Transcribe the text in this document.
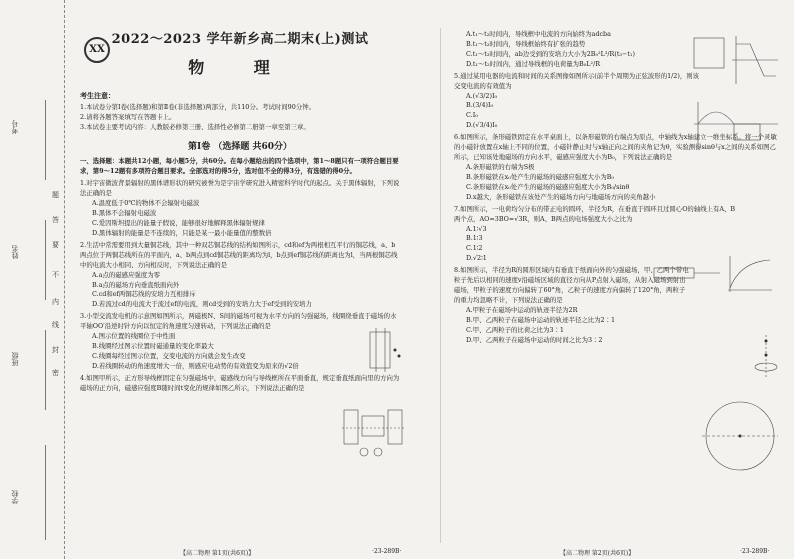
考号
姓名
班级
学校
题
答
要
不
内
线
封
密
XX
2022～2023 学年新乡高二期末(上)测试
物 理
考生注意：

1.本试卷分第Ⅰ卷(选择题)和第Ⅱ卷(非选择题)两部分，共110分。考试时间90分钟。

2.请将各题答案填写在答题卡上。

3.本试卷主要考试内容：人教版必修第三册、选择性必修第二册第一章至第三章。

第Ⅰ卷 （选择题 共60分）

一、选择题：本题共12小题，每小题5分，共60分。在每小题给出的四个选项中，第1～8题只有一项符合题目要求，第9～12题有多项符合题目要求。全部选对的得5分，选对但不全的得3分，有选错的得0分。

1.对宇宙微波背景辐射的黑体谱形状的研究被誉为是宇宙学研究进入精密科学时代的起点。关于黑体辐射，下列说法正确的是

A.温度低于0℃的物体不会辐射电磁波

B.黑体不会辐射电磁波

C.爱因斯坦提出的能量子假说，能够很好地解释黑体辐射规律

D.黑体辐射的能量是不连续的，只能是某一最小能量值的整数倍

2.生活中常需要用到大量铜芯线，其中一种双芯铜芯线的结构如图所示，cd和ef为两根相互平行的铜芯线，a、b两点位于两铜芯线所在的平面内，a、b两点到cd铜芯线的距离均为l，b点到ef铜芯线的距离也为l，当两根铜芯线中的电流大小相同、方向相反时，下列说法正确的是

A.a点的磁感应强度为零

B.a点的磁场方向垂直纸面向外

C.cd和ef两铜芯线的安培力互相排斥

D.若流过cd的电流大于流过ef的电流，则cd受到的安培力大于ef受到的安培力

3.小型交流发电机的示意图如图所示，两磁极N、S间的磁场可视为水平方向的匀强磁场，线圈绕垂直于磁场的水平轴OO′沿逆时针方向以恒定的角速度匀速转动，下列说法正确的是

A.图示位置的线圈位于中性面

B.线圈经过图示位置时磁通量的变化率最大

C.线圈每经过图示位置，交变电流的方向就会发生改变

D.若线圈转动的角速度增大一倍，则感应电动势的有效值变为原来的√2倍

4.如图甲所示，正方形导线框固定在匀强磁场中，磁感线方向与导线框所在平面垂直，规定垂直纸面向里的方向为磁场的正方向，磁感应强度B随时间t变化的规律如图乙所示，下列说法正确的是

A.t₁～t₂时间内，导线框中电流的方向始终为adcba

B.t₁～t₂时间内，导线框始终有扩张的趋势

C.t₁～t₃时间内，ab边受到的安培力大小为2B₀²L³/R(t₃−t₁)

D.t₁～t₂时间内，通过导线框的电荷量为B₀L²/R

5.通过某用电器的电流和时间的关系图像如图所示(前半个周期为正弦波形的1/2)，则该交变电流的有效值为

A.(√3/2)I₀

B.(3/4)I₀

C.I₀

D.(√3/4)I₀

6.如图所示，条形磁铁固定在水平桌面上，以条形磁铁的右端点为原点，中轴线为x轴建立一维坐标系。将一个灵敏的小磁针放置在x轴上不同的位置，小磁针静止时与x轴正向之间的夹角记为θ，实验测得sinθ与x之间的关系如图乙所示，已知该处地磁场的方向水平，磁感应强度大小为B₀，下列说法正确的是

A.条形磁铁的右端为S极

B.条形磁铁在x₀处产生的磁场的磁感应强度大小为B₀

C.条形磁铁在x₀处产生的磁场的磁感应强度大小为B₀/sinθ

D.x越大，条形磁铁在该处产生的磁场方向与地磁场方向的夹角越小

7.如图所示，一电荷均匀分布的带正电的圆环，半径为R，在垂直于圆环且过圆心O的轴线上有A、B两个点，AO=3BO=√3R，则A、B两点的电场强度大小之比为

A.1∶√3

B.1∶3

C.1∶2

D.√2∶1

8.如图所示，半径为R的圆形区域内有垂直于纸面向外的匀强磁场，甲、乙两个带电粒子先后以相同的速度v沿磁场区域的直径方向从P点射入磁场，从射入磁场到射出磁场，甲粒子的速度方向偏转了60°角，乙粒子的速度方向偏转了120°角，两粒子的重力均忽略不计，下列说法正确的是

A.甲粒子在磁场中运动的轨迹半径为2R

B.甲、乙两粒子在磁场中运动的轨迹半径之比为2∶1

C.甲、乙两粒子的比荷之比为3∶1

D.甲、乙两粒子在磁场中运动的时间之比为3∶2

【高二物理 第1页(共6页)】	·23-289B·	【高二物理 第2页(共6页)】	·23-289B·
